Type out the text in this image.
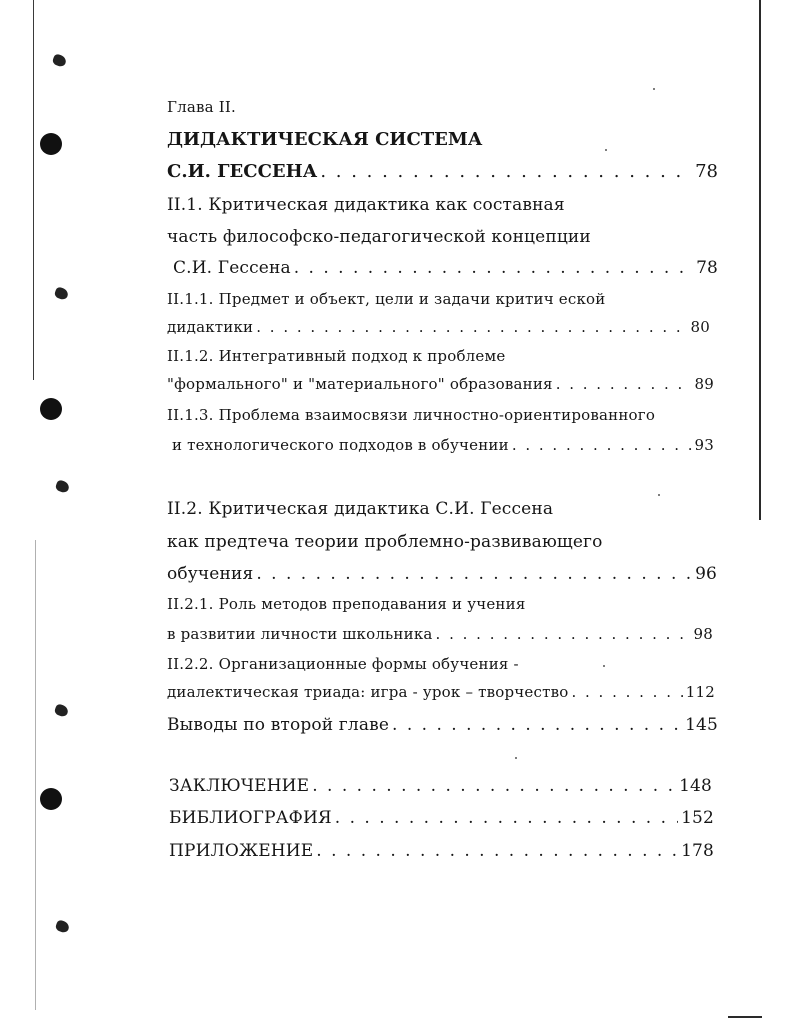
Глава II.
ДИДАКТИЧЕСКАЯ СИСТЕМА
С.И. ГЕССЕНА . .	78
II.1. Критическая дидактика как составная
часть философско-педагогической концепции
С.И. Гессена . .	78
II.1.1. Предмет и объект, цели и задачи критич еской
дидактики . .	80
II.1.2. Интегративный подход к проблеме
"формального" и "материального" образования . .	89
II.1.3. Проблема взаимосвязи личностно-ориентированного
и технологического подходов в обучении . .	93
II.2. Критическая дидактика С.И. Гессена
как предтеча теории проблемно-развивающего
обучения . .	96
II.2.1. Роль методов преподавания и учения
в развитии личности школьника . .	98
II.2.2. Организационные формы обучения -
диалектическая триада: игра - урок – творчество . .	112
Выводы по второй главе . .	145
ЗАКЛЮЧЕНИЕ . .	148
БИБЛИОГРАФИЯ . .	152
ПРИЛОЖЕНИЕ . .	178
